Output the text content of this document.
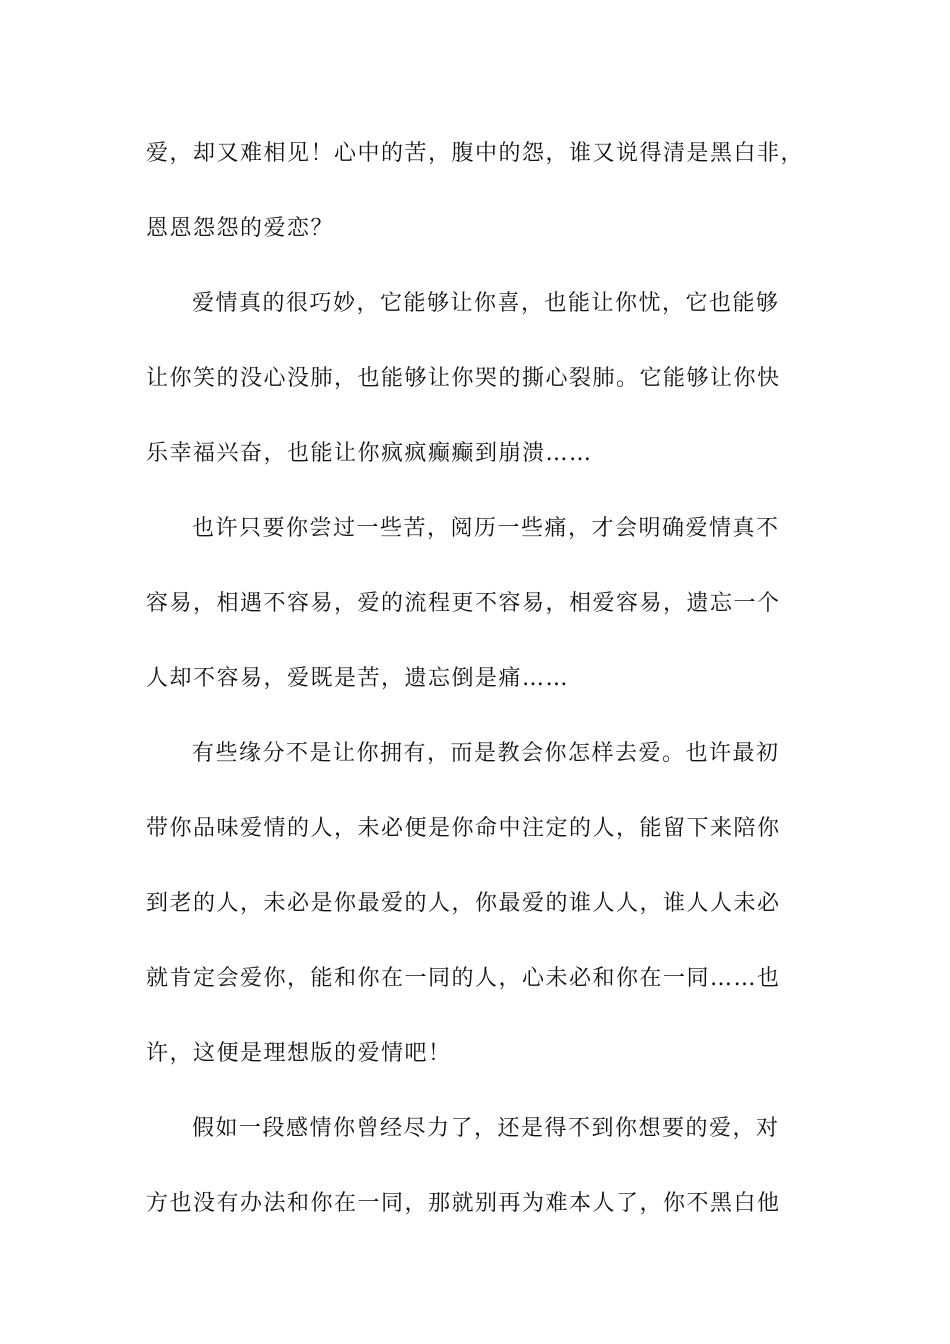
爱，却又难相见！心中的苦，腹中的怨，谁又说得清是黑白非，
恩恩怨怨的爱恋？
爱情真的很巧妙，它能够让你喜，也能让你忧，它也能够
让你笑的没心没肺，也能够让你哭的撕心裂肺。它能够让你快
乐幸福兴奋，也能让你疯疯癫癫到崩溃……
也许只要你尝过一些苦，阅历一些痛，才会明确爱情真不
容易，相遇不容易，爱的流程更不容易，相爱容易，遗忘一个
人却不容易，爱既是苦，遗忘倒是痛……
有些缘分不是让你拥有，而是教会你怎样去爱。也许最初
带你品味爱情的人，未必便是你命中注定的人，能留下来陪你
到老的人，未必是你最爱的人，你最爱的谁人人，谁人人未必
就肯定会爱你，能和你在一同的人，心未必和你在一同……也
许，这便是理想版的爱情吧！
假如一段感情你曾经尽力了，还是得不到你想要的爱，对
方也没有办法和你在一同，那就别再为难本人了，你不黑白他
